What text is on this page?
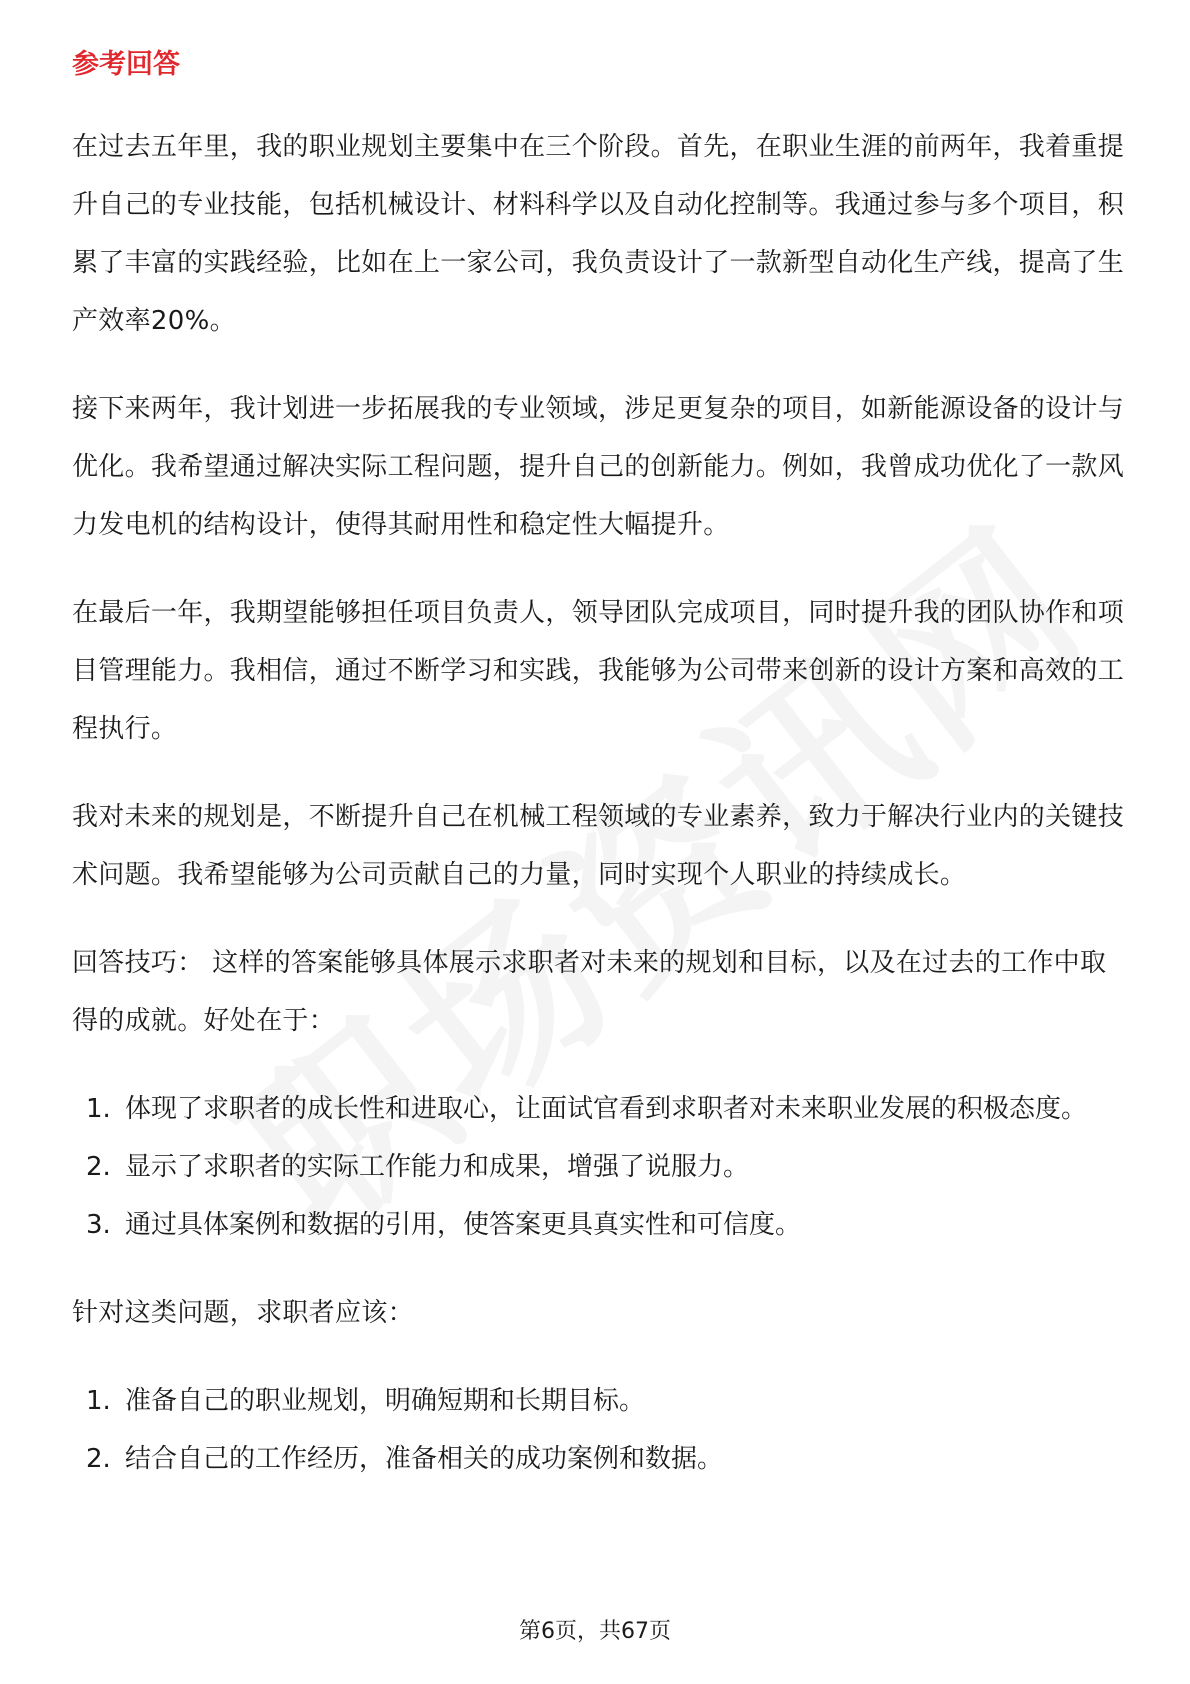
参考回答

在过去五年里，我的职业规划主要集中在三个阶段。首先，在职业生涯的前两年，我着重提升自己的专业技能，包括机械设计、材料科学以及自动化控制等。我通过参与多个项目，积累了丰富的实践经验，比如在上一家公司，我负责设计了一款新型自动化生产线，提高了生产效率20%。

接下来两年，我计划进一步拓展我的专业领域，涉足更复杂的项目，如新能源设备的设计与优化。我希望通过解决实际工程问题，提升自己的创新能力。例如，我曾成功优化了一款风力发电机的结构设计，使得其耐用性和稳定性大幅提升。

在最后一年，我期望能够担任项目负责人，领导团队完成项目，同时提升我的团队协作和项目管理能力。我相信，通过不断学习和实践，我能够为公司带来创新的设计方案和高效的工程执行。

我对未来的规划是，不断提升自己在机械工程领域的专业素养，致力于解决行业内的关键技术问题。我希望能够为公司贡献自己的力量，同时实现个人职业的持续成长。

回答技巧： 这样的答案能够具体展示求职者对未来的规划和目标，以及在过去的工作中取得的成就。好处在于：

1. 体现了求职者的成长性和进取心，让面试官看到求职者对未来职业发展的积极态度。
2. 显示了求职者的实际工作能力和成果，增强了说服力。
3. 通过具体案例和数据的引用，使答案更具真实性和可信度。

针对这类问题，求职者应该：

1. 准备自己的职业规划，明确短期和长期目标。
2. 结合自己的工作经历，准备相关的成功案例和数据。
第6页，共67页
